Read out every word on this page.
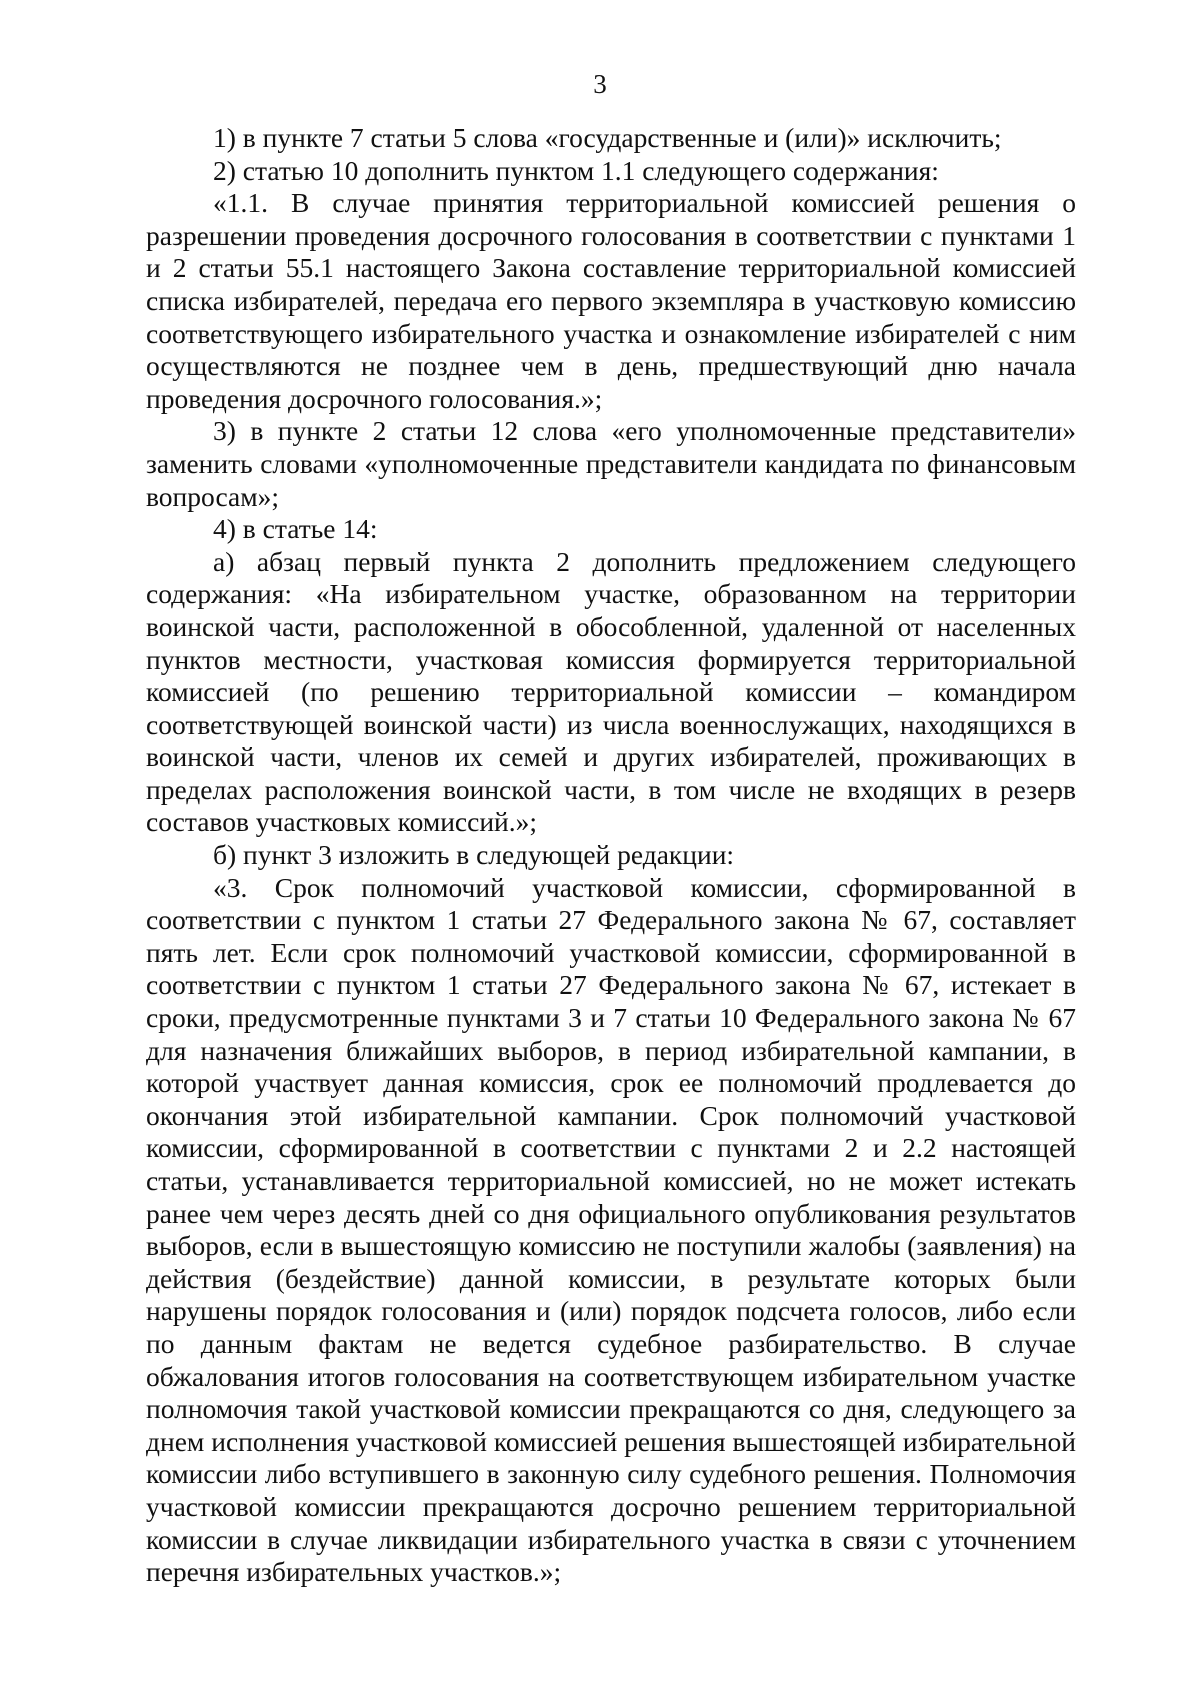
3

1) в пункте 7 статьи 5 слова «государственные и (или)» исключить;

2) статью 10 дополнить пунктом 1.1 следующего содержания:

«1.1. В случае принятия территориальной комиссией решения о разрешении проведения досрочного голосования в соответствии с пунктами 1 и 2 статьи 55.1 настоящего Закона составление территориальной комиссией списка избирателей, передача его первого экземпляра в участковую комиссию соответствующего избирательного участка и ознакомление избирателей с ним осуществляются не позднее чем в день, предшествующий дню начала проведения досрочного голосования.»;

3) в пункте 2 статьи 12 слова «его уполномоченные представители» заменить словами «уполномоченные представители кандидата по финансовым вопросам»;

4) в статье 14:

а) абзац первый пункта 2 дополнить предложением следующего содержания: «На избирательном участке, образованном на территории воинской части, расположенной в обособленной, удаленной от населенных пунктов местности, участковая комиссия формируется территориальной комиссией (по решению территориальной комиссии – командиром соответствующей воинской части) из числа военнослужащих, находящихся в воинской части, членов их семей и других избирателей, проживающих в пределах расположения воинской части, в том числе не входящих в резерв составов участковых комиссий.»;

б) пункт 3 изложить в следующей редакции:

«3. Срок полномочий участковой комиссии, сформированной в соответствии с пунктом 1 статьи 27 Федерального закона № 67, составляет пять лет. Если срок полномочий участковой комиссии, сформированной в соответствии с пунктом 1 статьи 27 Федерального закона № 67, истекает в сроки, предусмотренные пунктами 3 и 7 статьи 10 Федерального закона № 67 для назначения ближайших выборов, в период избирательной кампании, в которой участвует данная комиссия, срок ее полномочий продлевается до окончания этой избирательной кампании. Срок полномочий участковой комиссии, сформированной в соответствии с пунктами 2 и 2.2 настоящей статьи, устанавливается территориальной комиссией, но не может истекать ранее чем через десять дней со дня официального опубликования результатов выборов, если в вышестоящую комиссию не поступили жалобы (заявления) на действия (бездействие) данной комиссии, в результате которых были нарушены порядок голосования и (или) порядок подсчета голосов, либо если по данным фактам не ведется судебное разбирательство. В случае обжалования итогов голосования на соответствующем избирательном участке полномочия такой участковой комиссии прекращаются со дня, следующего за днем исполнения участковой комиссией решения вышестоящей избирательной комиссии либо вступившего в законную силу судебного решения. Полномочия участковой комиссии прекращаются досрочно решением территориальной комиссии в случае ликвидации избирательного участка в связи с уточнением перечня избирательных участков.»;
